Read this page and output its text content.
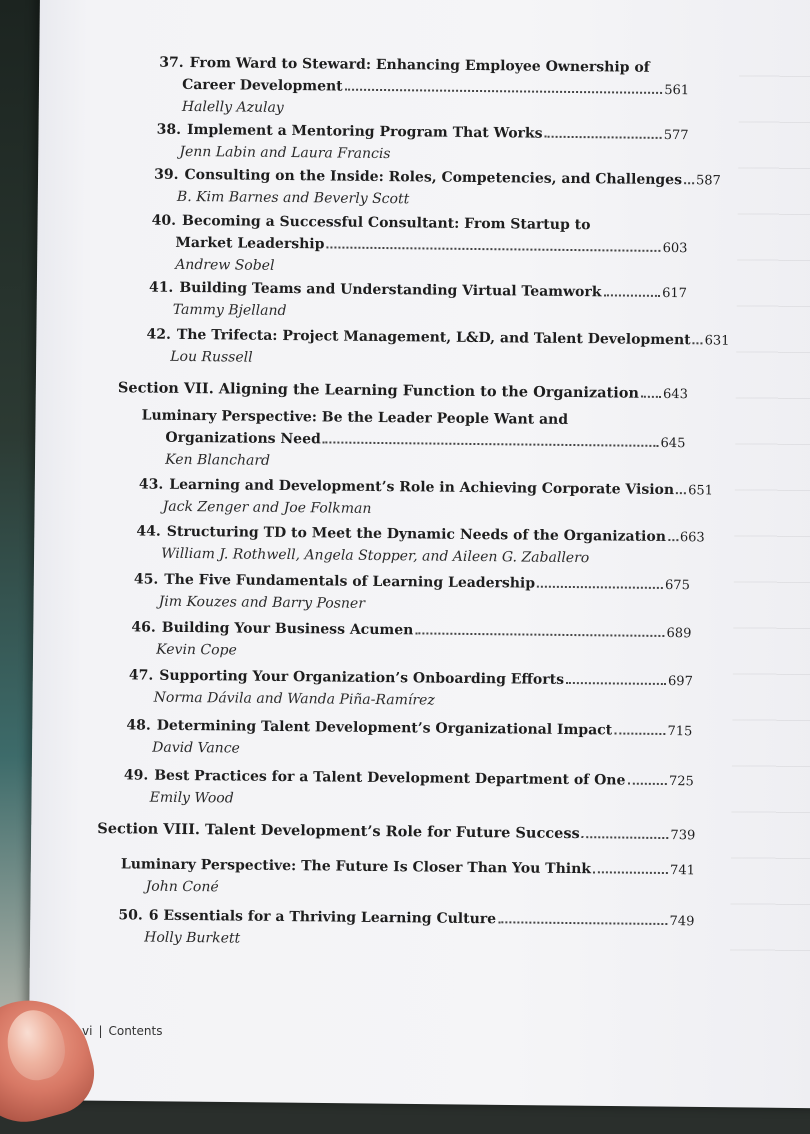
37. From Ward to Steward: Enhancing Employee Ownership of
Career Development	561
Halelly Azulay
38. Implement a Mentoring Program That Works	577
Jenn Labin and Laura Francis
39. Consulting on the Inside: Roles, Competencies, and Challenges 587
B. Kim Barnes and Beverly Scott
40. Becoming a Successful Consultant: From Startup to
Market Leadership	603
Andrew Sobel
41. Building Teams and Understanding Virtual Teamwork	617
Tammy Bjelland
42. The Trifecta: Project Management, L&D, and Talent Development 631
Lou Russell
Section VII. Aligning the Learning Function to the Organization 643
Luminary Perspective: Be the Leader People Want and
Organizations Need	645
Ken Blanchard
43. Learning and Development’s Role in Achieving Corporate Vision 651
Jack Zenger and Joe Folkman
44. Structuring TD to Meet the Dynamic Needs of the Organization 663
William J. Rothwell, Angela Stopper, and Aileen G. Zaballero
45. The Five Fundamentals of Learning Leadership	675
Jim Kouzes and Barry Posner
46. Building Your Business Acumen	689
Kevin Cope
47. Supporting Your Organization’s Onboarding Efforts	697
Norma Dávila and Wanda Piña-Ramírez
48. Determining Talent Development’s Organizational Impact	715
David Vance
49. Best Practices for a Talent Development Department of One	725
Emily Wood
Section VIII. Talent Development’s Role for Future Success	739
Luminary Perspective: The Future Is Closer Than You Think	741
John Coné
50. 6 Essentials for a Thriving Learning Culture	749
Holly Burkett
vi | Contents
